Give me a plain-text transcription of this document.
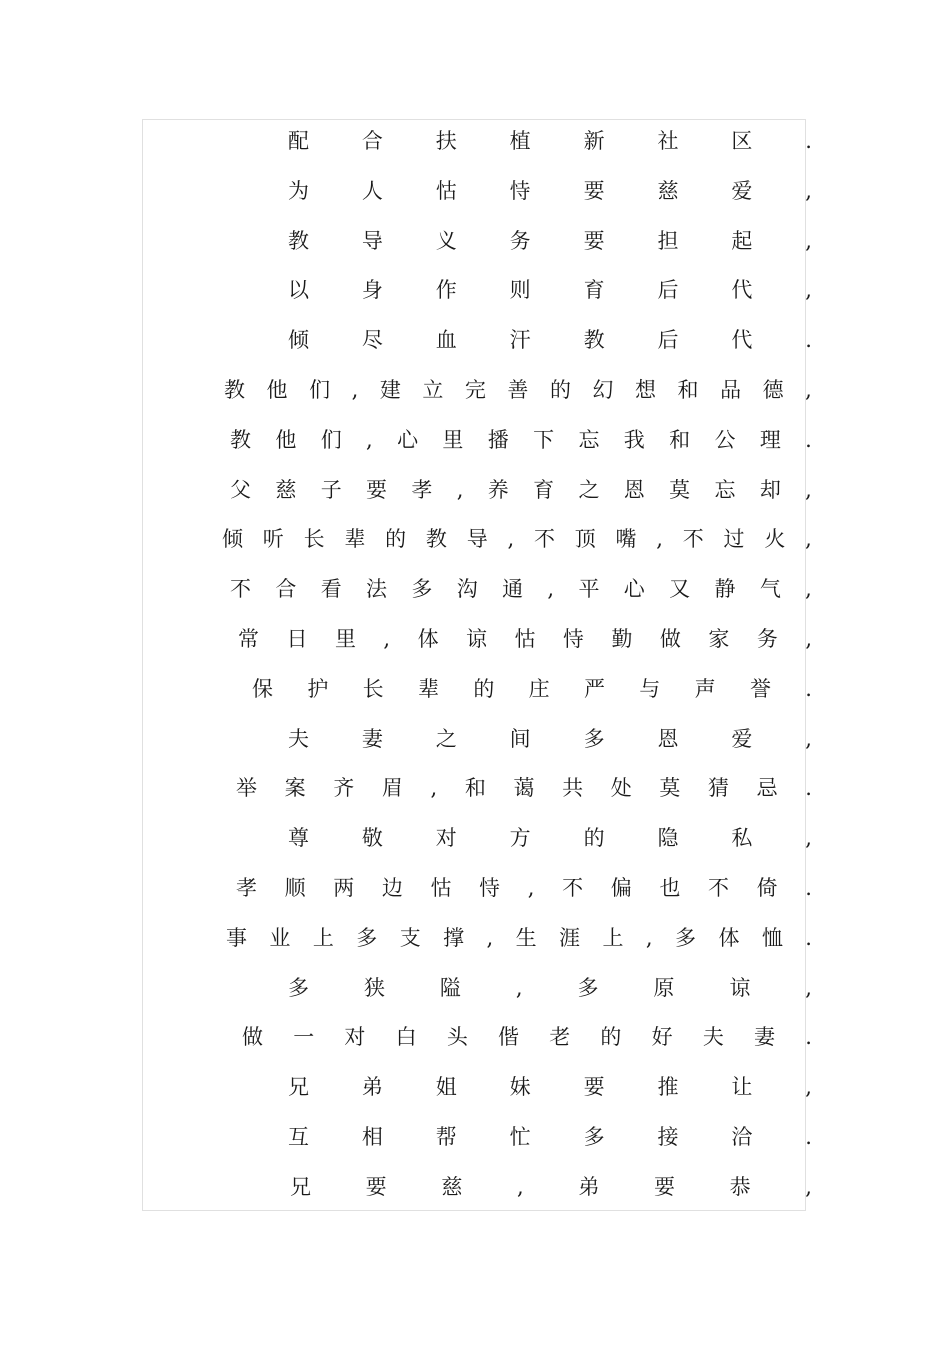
配	合	扶	植	新	社	区	.
为	人	怙	恃	要	慈	爱	,
教	导	义	务	要	担	起	,
以	身	作	则	育	后	代	,
倾	尽	血	汗	教	后	代	.
教 他 们 , 建 立 完 善 的 幻 想 和 品 德 ,
教 他 们 , 心 里 播 下 忘 我 和 公 理 .
父 慈 子 要 孝 , 养 育 之 恩 莫 忘 却 ,
倾 听 长 辈 的 教 导 , 不 顶 嘴 , 不 过 火 ,
不 合 看 法 多 沟 通 , 平 心 又 静 气 ,
常 日 里 , 体 谅 怙 恃 勤 做 家 务 ,
保 护 长 辈 的 庄 严 与 声 誉 .
夫	妻	之	间	多	恩	爱	,
举 案 齐 眉 , 和 蔼 共 处 莫 猜 忌 .
尊	敬	对	方	的	隐	私	,
孝 顺 两 边 怙 恃 , 不 偏 也 不 倚 .
事 业 上 多 支 撑 , 生 涯 上 , 多 体 恤 .
多	狭	隘	,	多	原	谅	,
做 一 对 白 头 偕 老 的 好 夫 妻 .
兄	弟	姐	妹	要	推	让	,
互	相	帮	忙	多	接	洽	.
兄	要	慈	,	弟	要	恭	,
